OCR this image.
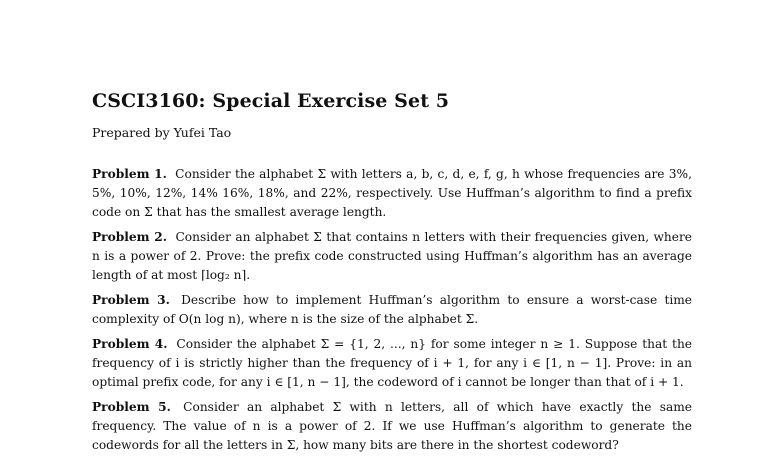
CSCI3160: Special Exercise Set 5
Prepared by Yufei Tao

Problem 1. Consider the alphabet Σ with letters a, b, c, d, e, f, g, h whose frequencies are 3%, 5%, 10%, 12%, 14% 16%, 18%, and 22%, respectively. Use Huffman’s algorithm to find a prefix code on Σ that has the smallest average length.

Problem 2. Consider an alphabet Σ that contains n letters with their frequencies given, where n is a power of 2. Prove: the prefix code constructed using Huffman’s algorithm has an average length of at most ⌈log₂ n⌉.

Problem 3. Describe how to implement Huffman’s algorithm to ensure a worst-case time complexity of O(n log n), where n is the size of the alphabet Σ.

Problem 4. Consider the alphabet Σ = {1, 2, ..., n} for some integer n ≥ 1. Suppose that the frequency of i is strictly higher than the frequency of i + 1, for any i ∈ [1, n − 1]. Prove: in an optimal prefix code, for any i ∈ [1, n − 1], the codeword of i cannot be longer than that of i + 1.

Problem 5. Consider an alphabet Σ with n letters, all of which have exactly the same frequency. The value of n is a power of 2. If we use Huffman’s algorithm to generate the codewords for all the letters in Σ, how many bits are there in the shortest codeword?
